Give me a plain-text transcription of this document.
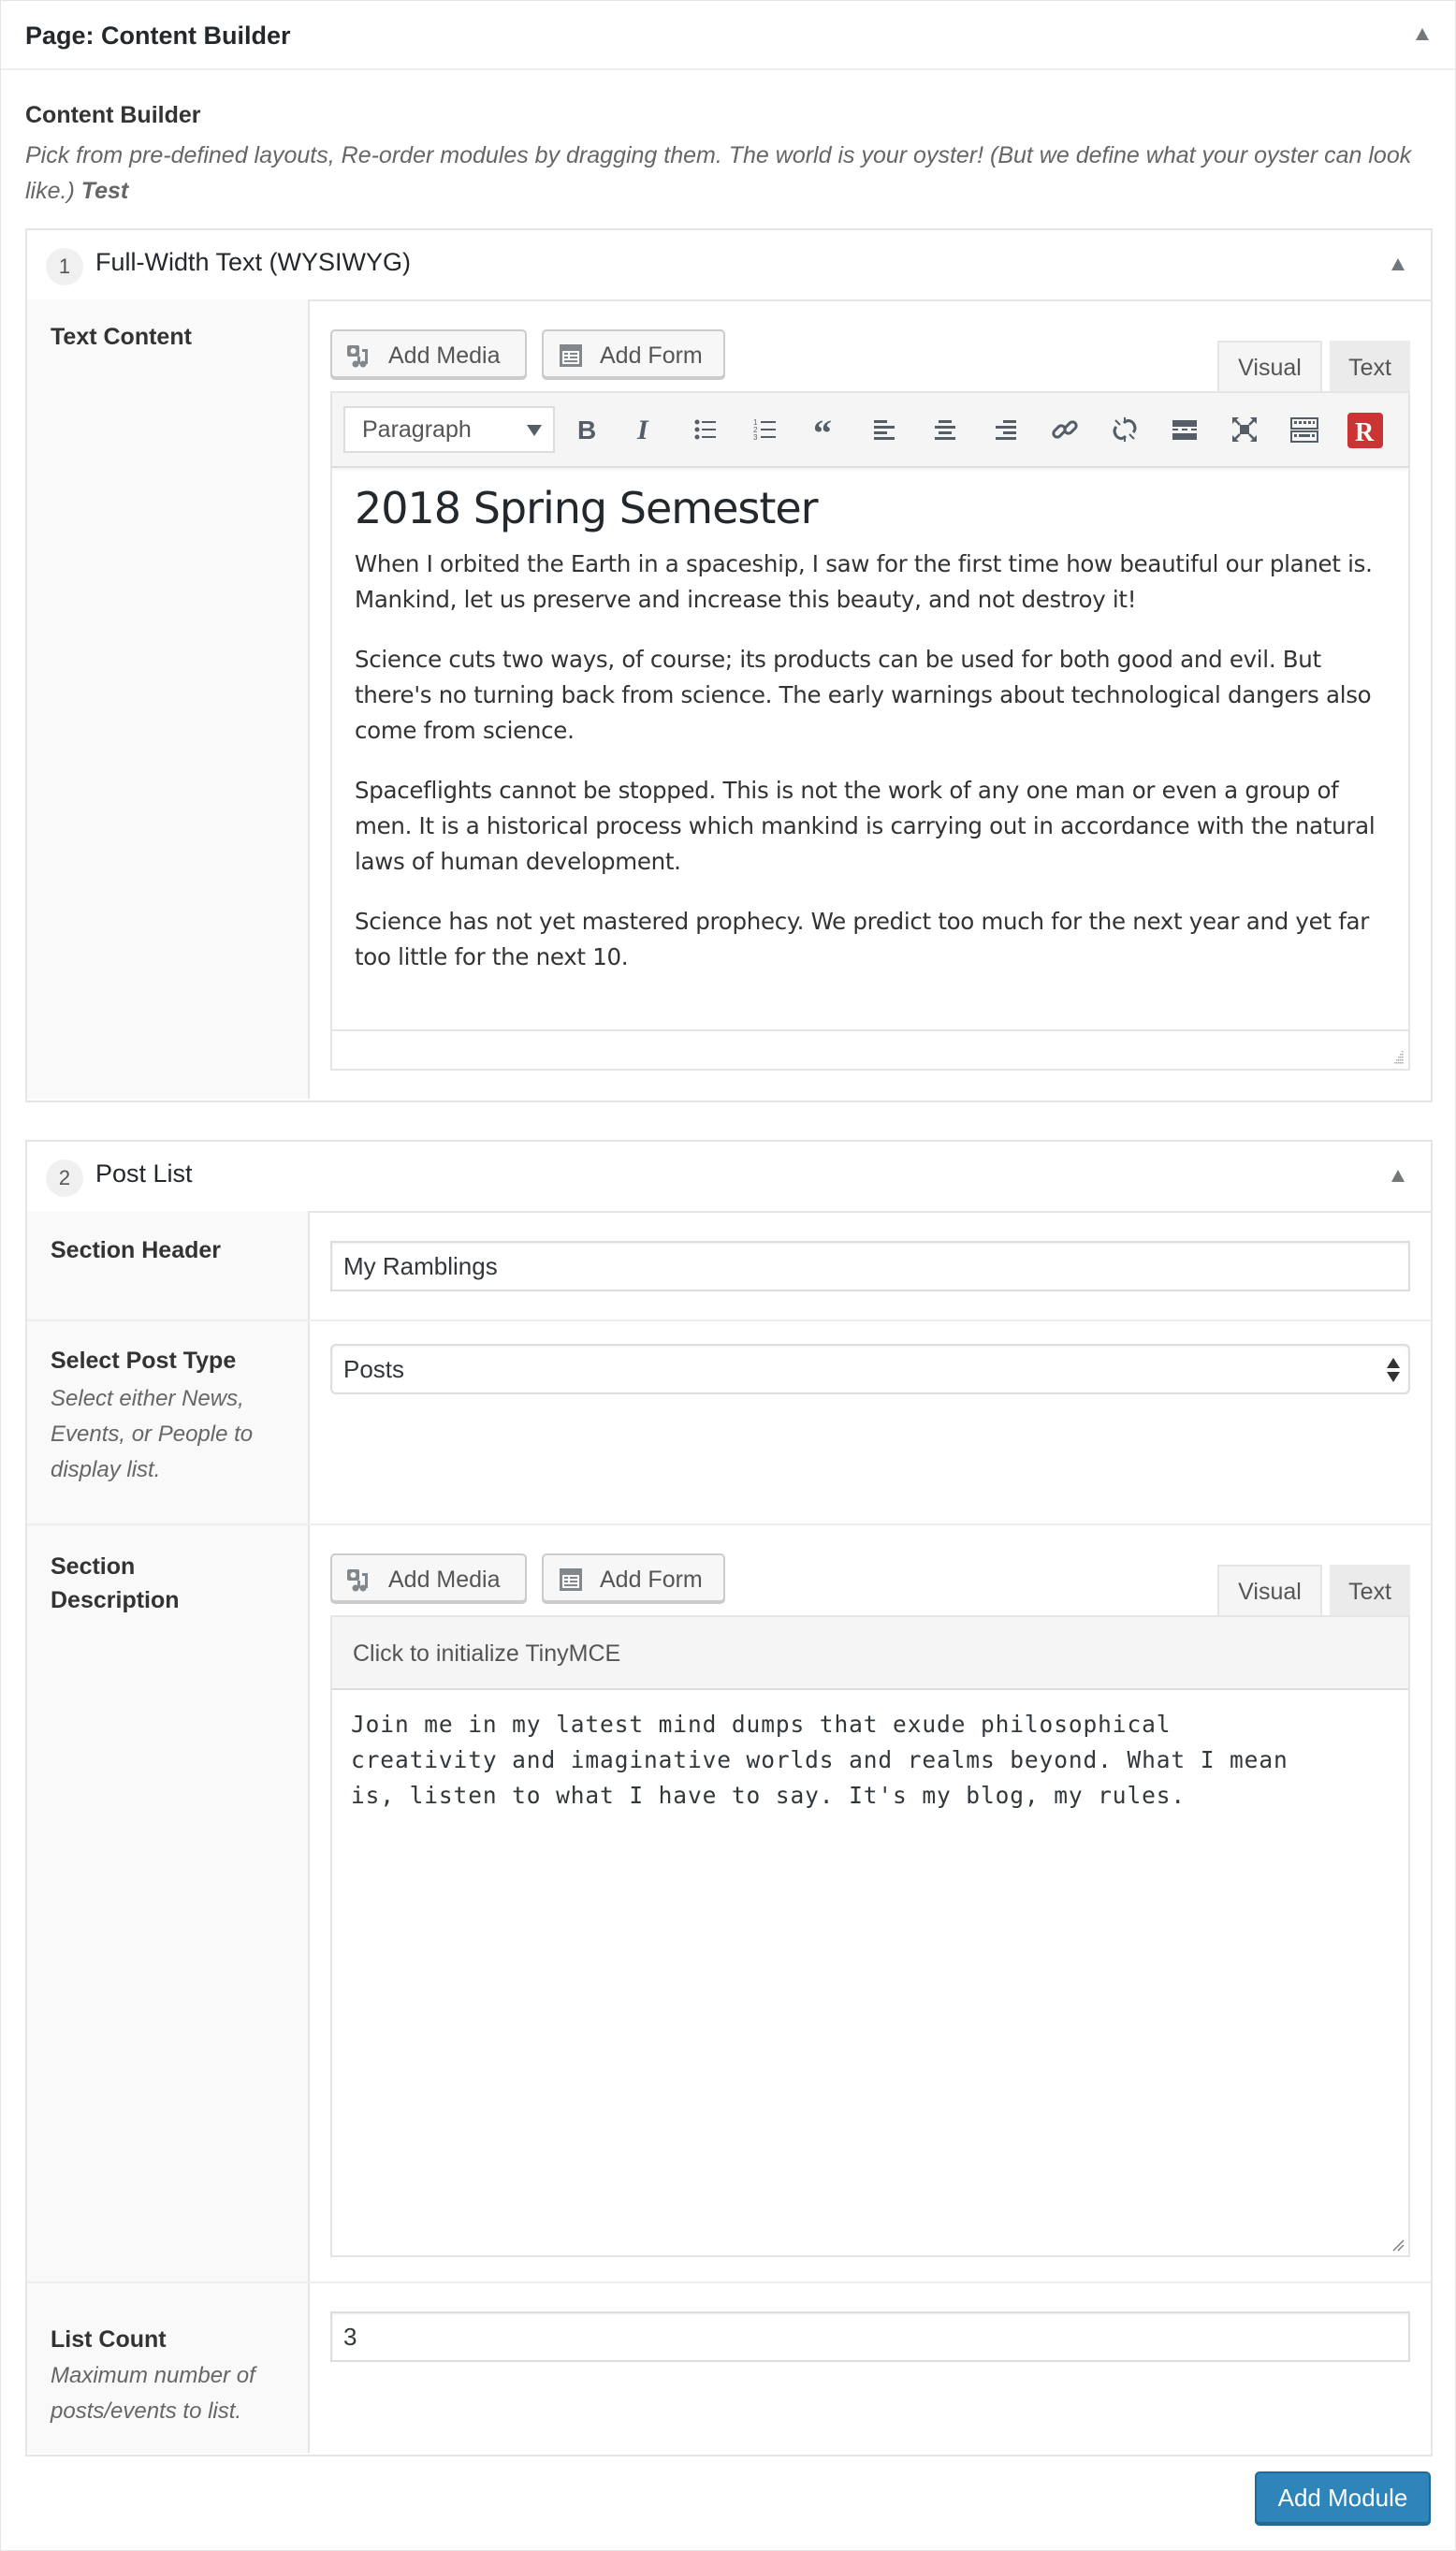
Page: Content Builder
Content Builder
Pick from pre-defined layouts, Re-order modules by dragging them. The world is your oyster! (But we define what your oyster can look like.) Test
1 Full-Width Text (WYSIWYG)
Text Content
Add Media	Add Form	Visual	Text
Paragraph	B I	1
2
3 “	R
2018 Spring Semester

When I orbited the Earth in a spaceship, I saw for the first time how beautiful our planet is. Mankind, let us preserve and increase this beauty, and not destroy it!

Science cuts two ways, of course; its products can be used for both good and evil. But there's no turning back from science. The early warnings about technological dangers also come from science.

Spaceflights cannot be stopped. This is not the work of any one man or even a group of men. It is a historical process which mankind is carrying out in accordance with the natural laws of human development.

Science has not yet mastered prophecy. We predict too much for the next year and yet far too little for the next 10.

2 Post List
Section Header
My Ramblings
Select Post Type
Select either News, Events, or People to display list.
Posts
Section Description
Add Media	Add Form	Visual	Text
Click to initialize TinyMCE
Join me in my latest mind dumps that exude philosophical
creativity and imaginative worlds and realms beyond. What I mean
is, listen to what I have to say. It's my blog, my rules.
List Count
Maximum number of posts/events to list.
3
Add Module
